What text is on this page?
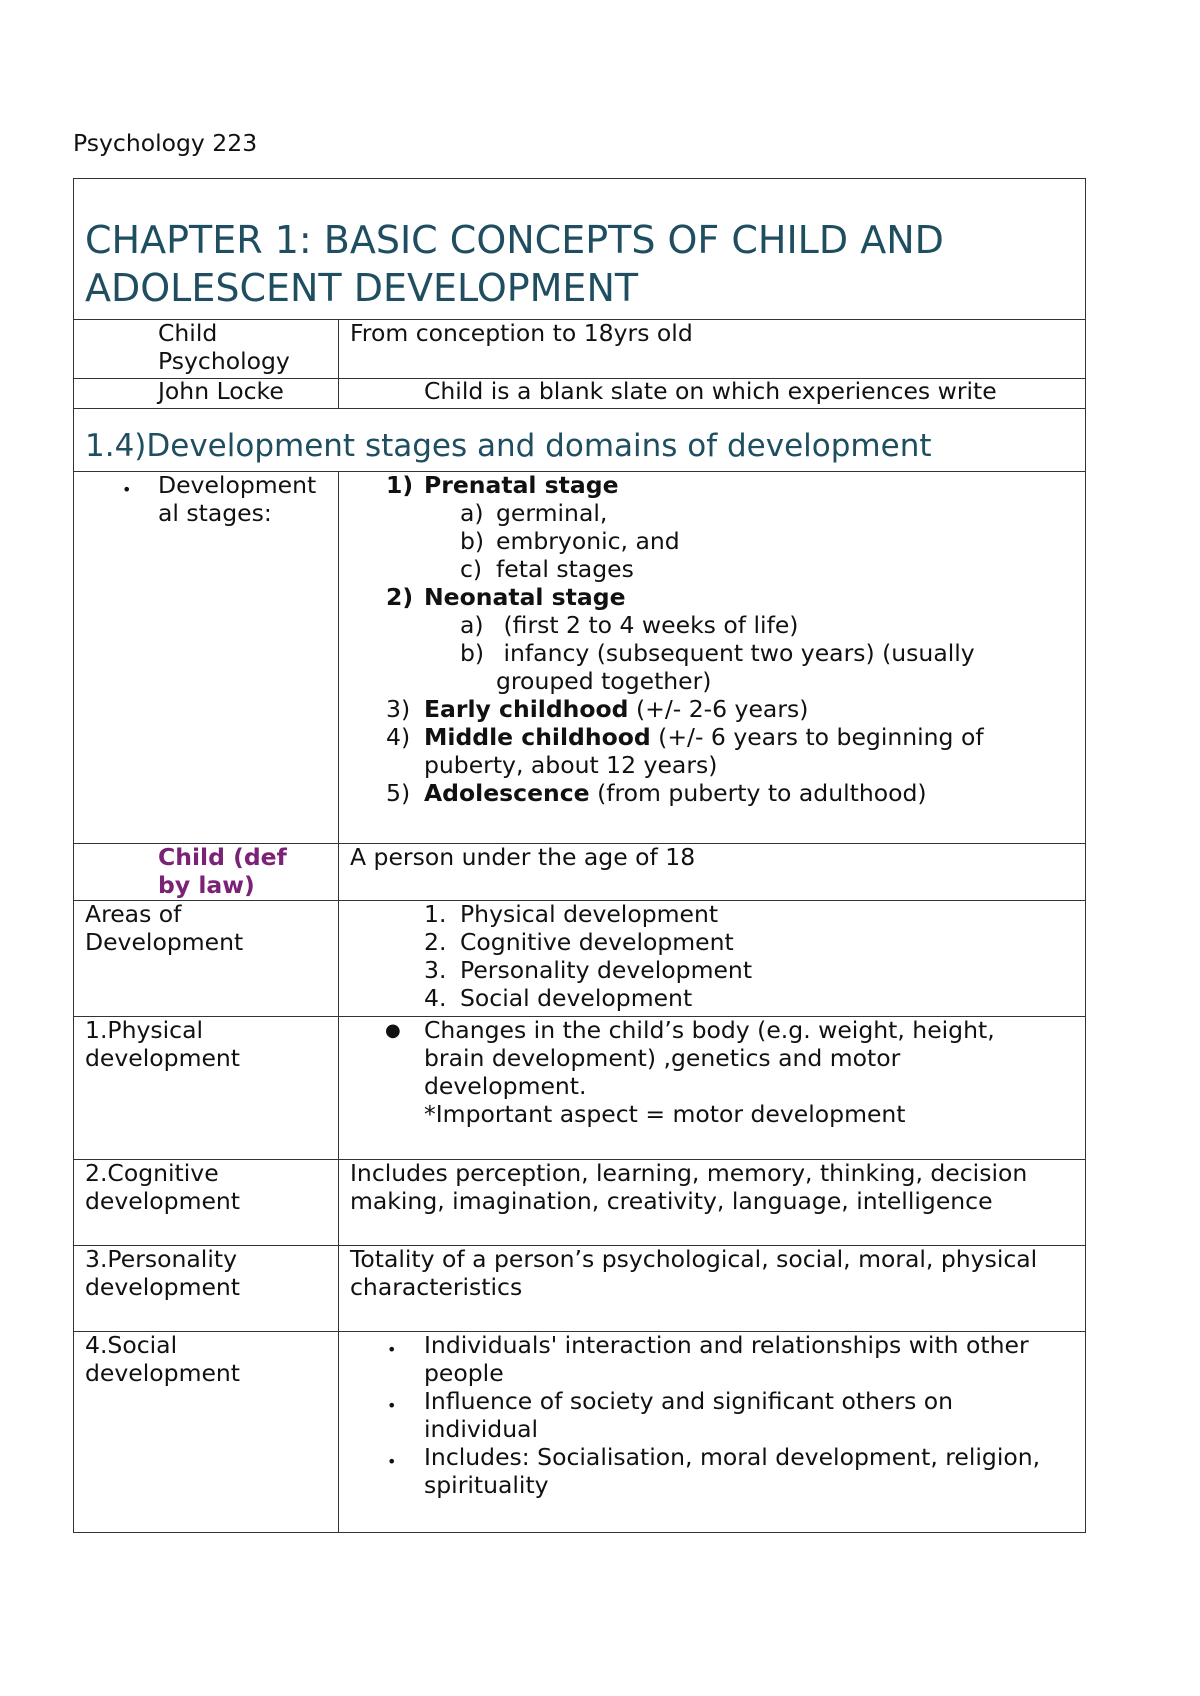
Psychology 223
CHAPTER 1: BASIC CONCEPTS OF CHILD AND ADOLESCENT DEVELOPMENT
Child
Psychology
From conception to 18yrs old
John Locke	Child is a blank slate on which experiences write
1.4)Development stages and domains of development
• Development
al stages:
1) Prenatal stage
a) germinal,
b) embryonic, and
c) fetal stages
2) Neonatal stage
a) (first 2 to 4 weeks of life)
b) infancy (subsequent two years) (usually
grouped together)
3) Early childhood (+/- 2-6 years)
4) Middle childhood (+/- 6 years to beginning of
puberty, about 12 years)
5) Adolescence (from puberty to adulthood)
Child (def
by law)
A person under the age of 18
Areas of
Development
1. Physical development
2. Cognitive development
3. Personality development
4. Social development
1.Physical
development
● Changes in the child’s body (e.g. weight, height,
brain development) ,genetics and motor
development.
*Important aspect = motor development
2.Cognitive
development
Includes perception, learning, memory, thinking, decision
making, imagination, creativity, language, intelligence
3.Personality
development
Totality of a person’s psychological, social, moral, physical
characteristics
4.Social
development
• Individuals' interaction and relationships with other
people
• Influence of society and significant others on
individual
• Includes: Socialisation, moral development, religion,
spirituality
